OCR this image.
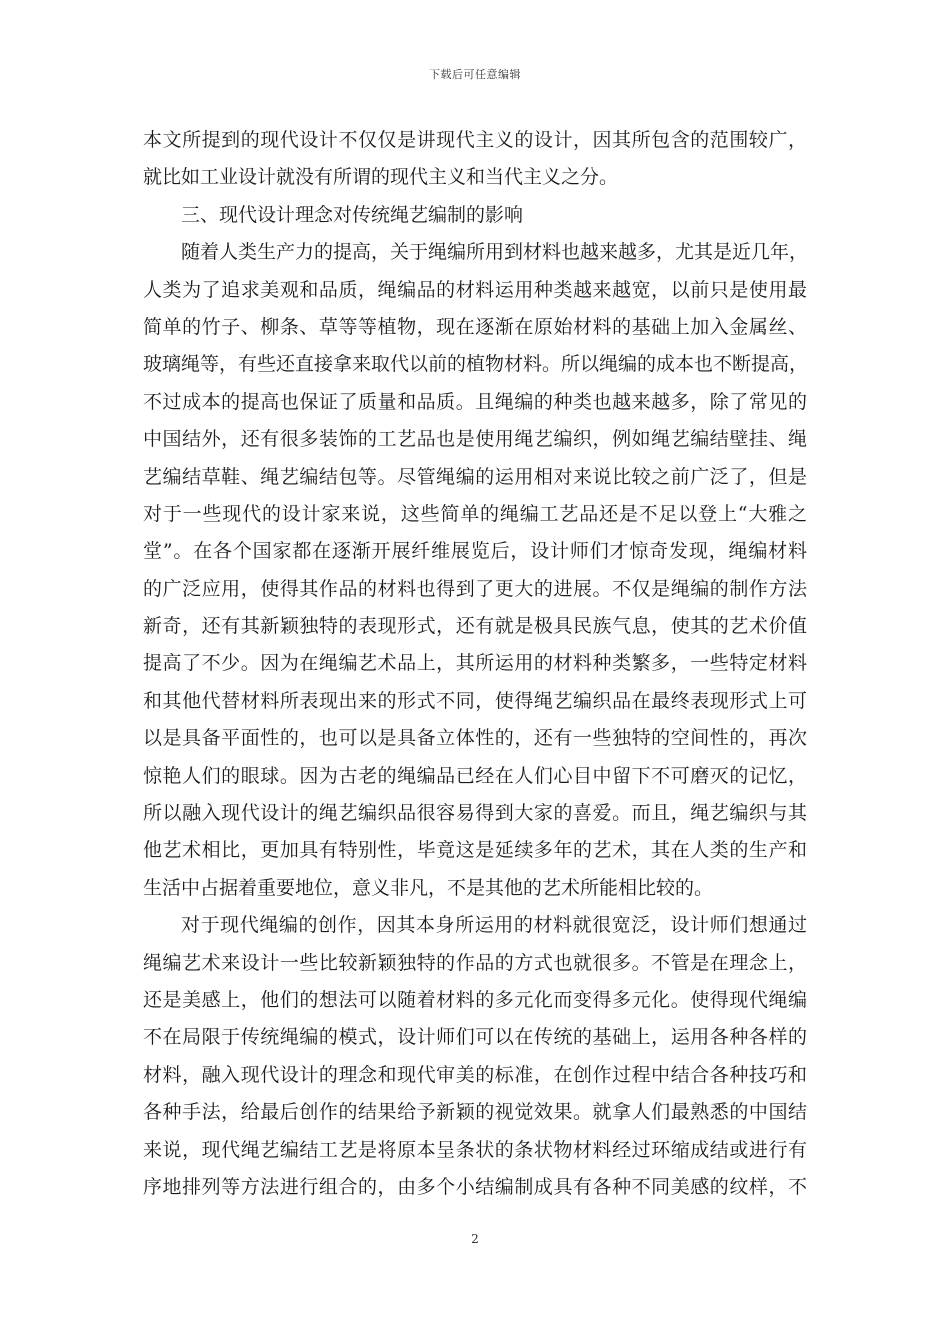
下载后可任意编辑
本文所提到的现代设计不仅仅是讲现代主义的设计，因其所包含的范围较广，
就比如工业设计就没有所谓的现代主义和当代主义之分。
三、现代设计理念对传统绳艺编制的影响
随着人类生产力的提高，关于绳编所用到材料也越来越多，尤其是近几年，
人类为了追求美观和品质，绳编品的材料运用种类越来越宽，以前只是使用最
简单的竹子、柳条、草等等植物，现在逐渐在原始材料的基础上加入金属丝、
玻璃绳等，有些还直接拿来取代以前的植物材料。所以绳编的成本也不断提高，
不过成本的提高也保证了质量和品质。且绳编的种类也越来越多，除了常见的
中国结外，还有很多装饰的工艺品也是使用绳艺编织，例如绳艺编结壁挂、绳
艺编结草鞋、绳艺编结包等。尽管绳编的运用相对来说比较之前广泛了，但是
对于一些现代的设计家来说，这些简单的绳编工艺品还是不足以登上“大雅之
堂”。在各个国家都在逐渐开展纤维展览后，设计师们才惊奇发现，绳编材料
的广泛应用，使得其作品的材料也得到了更大的进展。不仅是绳编的制作方法
新奇，还有其新颖独特的表现形式，还有就是极具民族气息，使其的艺术价值
提高了不少。因为在绳编艺术品上，其所运用的材料种类繁多，一些特定材料
和其他代替材料所表现出来的形式不同，使得绳艺编织品在最终表现形式上可
以是具备平面性的，也可以是具备立体性的，还有一些独特的空间性的，再次
惊艳人们的眼球。因为古老的绳编品已经在人们心目中留下不可磨灭的记忆，
所以融入现代设计的绳艺编织品很容易得到大家的喜爱。而且，绳艺编织与其
他艺术相比，更加具有特别性，毕竟这是延续多年的艺术，其在人类的生产和
生活中占据着重要地位，意义非凡，不是其他的艺术所能相比较的。
对于现代绳编的创作，因其本身所运用的材料就很宽泛，设计师们想通过
绳编艺术来设计一些比较新颖独特的作品的方式也就很多。不管是在理念上，
还是美感上，他们的想法可以随着材料的多元化而变得多元化。使得现代绳编
不在局限于传统绳编的模式，设计师们可以在传统的基础上，运用各种各样的
材料，融入现代设计的理念和现代审美的标准，在创作过程中结合各种技巧和
各种手法，给最后创作的结果给予新颖的视觉效果。就拿人们最熟悉的中国结
来说，现代绳艺编结工艺是将原本呈条状的条状物材料经过环缩成结或进行有
序地排列等方法进行组合的，由多个小结编制成具有各种不同美感的纹样，不
2
